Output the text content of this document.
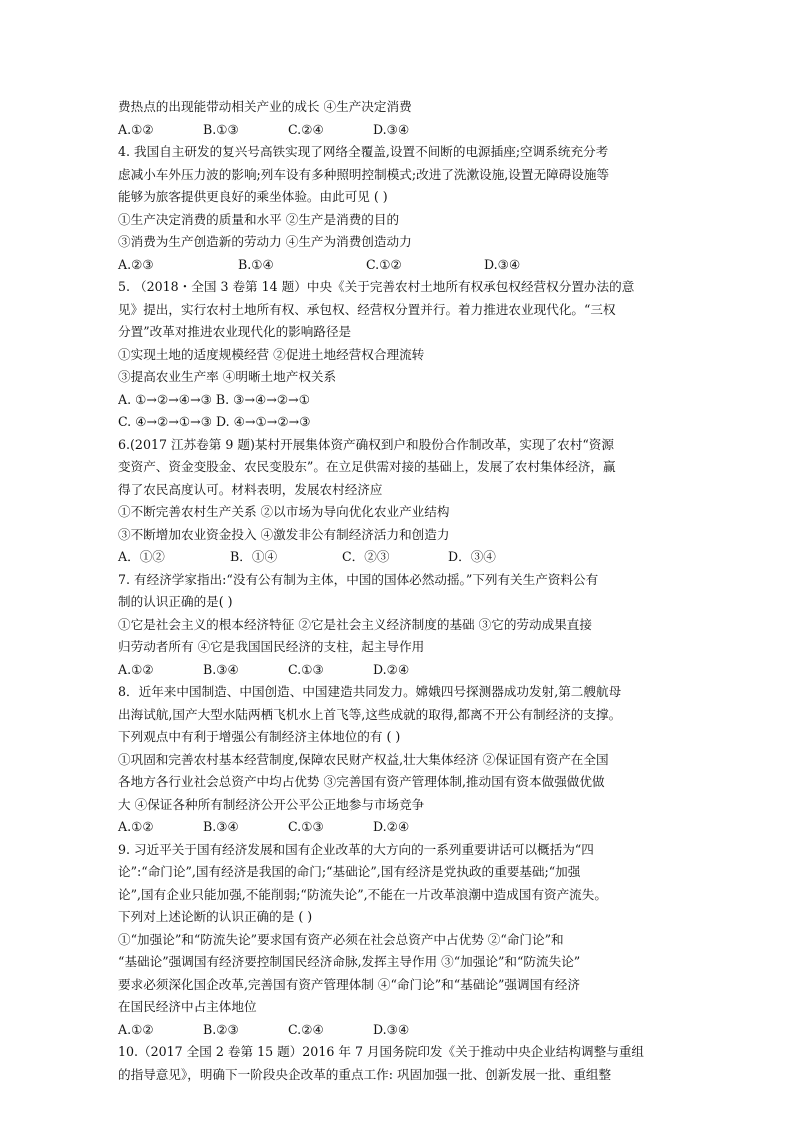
费热点的出现能带动相关产业的成长 ④生产决定消费
A.①②	B.①③	C.②④	D.③④
4. 我国自主研发的复兴号高铁实现了网络全覆盖,设置不间断的电源插座;空调系统充分考
虑减小车外压力波的影响;列车设有多种照明控制模式;改进了洗漱设施,设置无障碍设施等
能够为旅客提供更良好的乘坐体验。由此可见 ( )
①生产决定消费的质量和水平 ②生产是消费的目的
③消费为生产创造新的劳动力 ④生产为消费创造动力
A.②③	B.①④	C.①②	D.③④
5. （2018・全国 3 卷第 14 题）中央《关于完善农村土地所有权承包权经营权分置办法的意
见》提出，实行农村土地所有权、承包权、经营权分置并行。着力推进农业现代化。“三权
分置”改革对推进农业现代化的影响路径是
①实现土地的适度规模经营 ②促进土地经营权合理流转
③提高农业生产率 ④明晰土地产权关系
A. ①→②→④→③ B. ③→④→②→①
C. ④→②→①→③ D. ④→①→②→③
6.(2017 江苏卷第 9 题)某村开展集体资产确权到户和股份合作制改革，实现了农村“资源
变资产、资金变股金、农民变股东”。在立足供需对接的基础上，发展了农村集体经济，赢
得了农民高度认可。材料表明，发展农村经济应
①不断完善农村生产关系 ②以市场为导向优化农业产业结构
③不断增加农业资金投入 ④激发非公有制经济活力和创造力
A．①②	B．①④	C．②③	D．③④
7. 有经济学家指出:“没有公有制为主体，中国的国体必然动摇。”下列有关生产资料公有
制的认识正确的是( )
①它是社会主义的根本经济特征 ②它是社会主义经济制度的基础 ③它的劳动成果直接
归劳动者所有 ④它是我国国民经济的支柱，起主导作用
A.①②	B.③④	C.①③	D.②④
8．近年来中国制造、中国创造、中国建造共同发力。嫦娥四号探测器成功发射,第二艘航母
出海试航,国产大型水陆两栖飞机水上首飞等,这些成就的取得,都离不开公有制经济的支撑。
下列观点中有利于增强公有制经济主体地位的有 ( )
①巩固和完善农村基本经营制度,保障农民财产权益,壮大集体经济 ②保证国有资产在全国
各地方各行业社会总资产中均占优势 ③完善国有资产管理体制,推动国有资本做强做优做
大 ④保证各种所有制经济公开公平公正地参与市场竞争
A.①②	B.③④	C.①③	D.②④
9. 习近平关于国有经济发展和国有企业改革的大方向的一系列重要讲话可以概括为“四
论”:“命门论”,国有经济是我国的命门;“基础论”,国有经济是党执政的重要基础;“加强
论”,国有企业只能加强,不能削弱;“防流失论”,不能在一片改革浪潮中造成国有资产流失。
下列对上述论断的认识正确的是 ( )
①“加强论”和“防流失论”要求国有资产必须在社会总资产中占优势 ②“命门论”和
“基础论”强调国有经济要控制国民经济命脉,发挥主导作用 ③“加强论”和“防流失论”
要求必须深化国企改革,完善国有资产管理体制 ④“命门论”和“基础论”强调国有经济
在国民经济中占主体地位
A.①②	B.②③	C.②④	D.③④
10.（2017 全国 2 卷第 15 题）2016 年 7 月国务院印发《关于推动中央企业结构调整与重组
的指导意见》，明确下一阶段央企改革的重点工作: 巩固加强一批、创新发展一批、重组整
